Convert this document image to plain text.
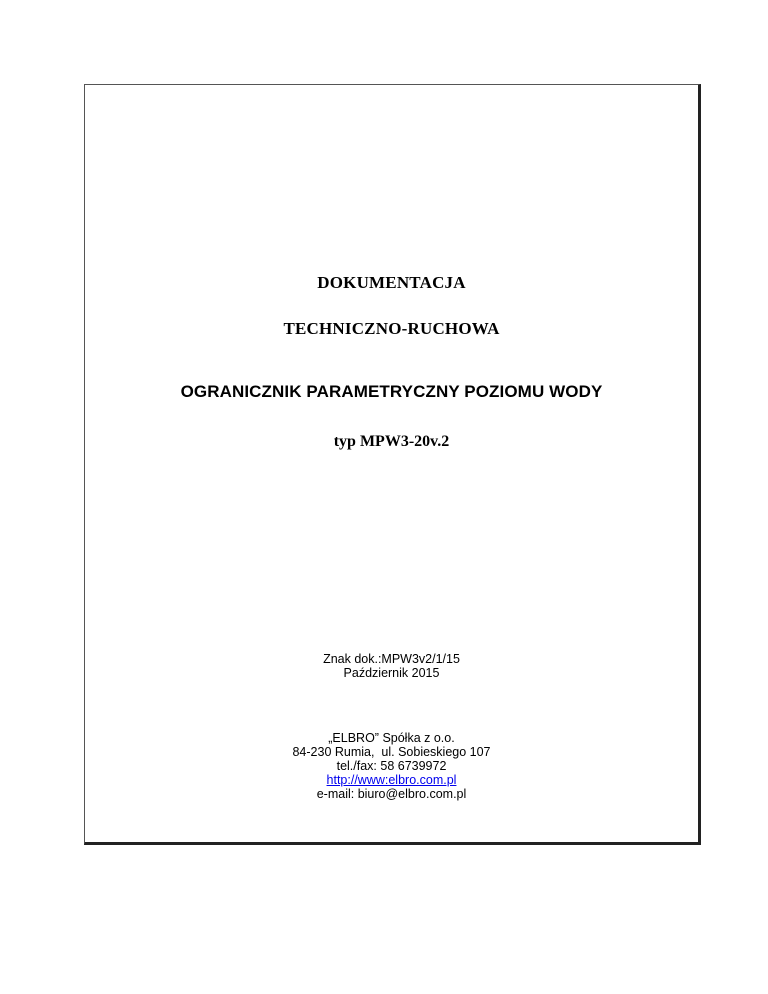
DOKUMENTACJA
TECHNICZNO-RUCHOWA
OGRANICZNIK PARAMETRYCZNY POZIOMU WODY
typ MPW3-20v.2
Znak dok.:MPW3v2/1/15
Październik 2015
„ELBRO” Spółka z o.o.
84-230 Rumia,  ul. Sobieskiego 107
tel./fax: 58 6739972
http://www:elbro.com.pl
e-mail: biuro@elbro.com.pl
